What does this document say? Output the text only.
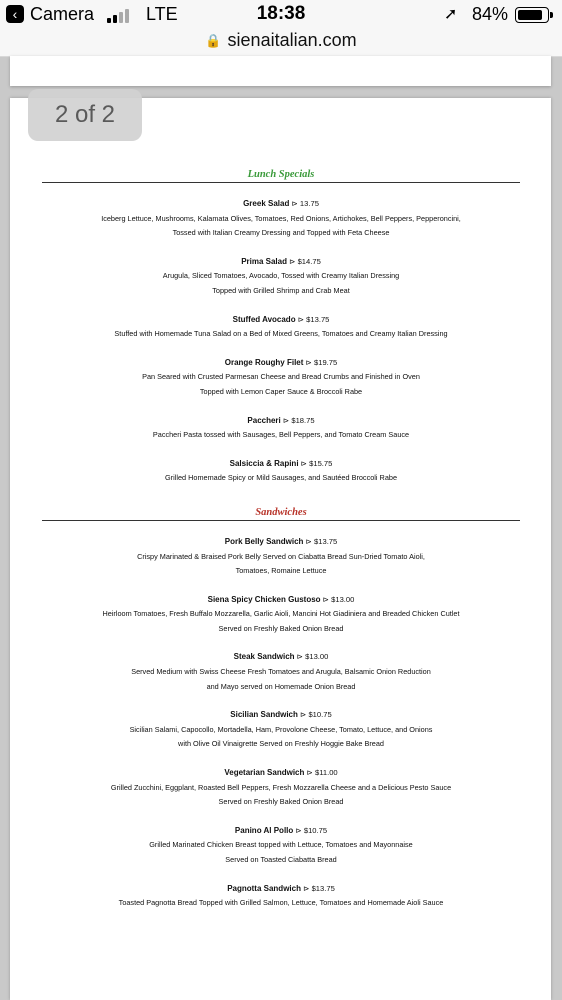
‹ Camera	LTE	18:38	➚ 84%
🔒 sienaitalian.com
Lunch Specials
Greek Salad ⊳ 13.75
Iceberg Lettuce, Mushrooms, Kalamata Olives, Tomatoes, Red Onions, Artichokes, Bell Peppers, Pepperoncini,
Tossed with Italian Creamy Dressing and Topped with Feta Cheese
Prima Salad ⊳ $14.75
Arugula, Sliced Tomatoes, Avocado, Tossed with Creamy Italian Dressing
Topped with Grilled Shrimp and Crab Meat
Stuffed Avocado ⊳ $13.75
Stuffed with Homemade Tuna Salad on a Bed of Mixed Greens, Tomatoes and Creamy Italian Dressing
Orange Roughy Filet ⊳ $19.75
Pan Seared with Crusted Parmesan Cheese and Bread Crumbs and Finished in Oven
Topped with Lemon Caper Sauce & Broccoli Rabe
Paccheri ⊳ $18.75
Paccheri Pasta tossed with Sausages, Bell Peppers, and Tomato Cream Sauce
Salsiccia & Rapini ⊳ $15.75
Grilled Homemade Spicy or Mild Sausages, and Sautéed Broccoli Rabe
Sandwiches
Pork Belly Sandwich ⊳ $13.75
Crispy Marinated & Braised Pork Belly Served on Ciabatta Bread Sun-Dried Tomato Aioli,
Tomatoes, Romaine Lettuce
Siena Spicy Chicken Gustoso ⊳ $13.00
Heirloom Tomatoes, Fresh Buffalo Mozzarella, Garlic Aioli, Mancini Hot Giadiniera and Breaded Chicken Cutlet
Served on Freshly Baked Onion Bread
Steak Sandwich ⊳ $13.00
Served Medium with Swiss Cheese Fresh Tomatoes and Arugula, Balsamic Onion Reduction
and Mayo served on Homemade Onion Bread
Sicilian Sandwich ⊳ $10.75
Sicilian Salami, Capocollo, Mortadella, Ham, Provolone Cheese, Tomato, Lettuce, and Onions
with Olive Oil Vinaigrette Served on Freshly Hoggie Bake Bread
Vegetarian Sandwich ⊳ $11.00
Grilled Zucchini, Eggplant, Roasted Bell Peppers, Fresh Mozzarella Cheese and a Delicious Pesto Sauce
Served on Freshly Baked Onion Bread
Panino Al Pollo ⊳ $10.75
Grilled Marinated Chicken Breast topped with Lettuce, Tomatoes and Mayonnaise
Served on Toasted Ciabatta Bread
Pagnotta Sandwich ⊳ $13.75
Toasted Pagnotta Bread Topped with Grilled Salmon, Lettuce, Tomatoes and Homemade Aioli Sauce
2 of 2
